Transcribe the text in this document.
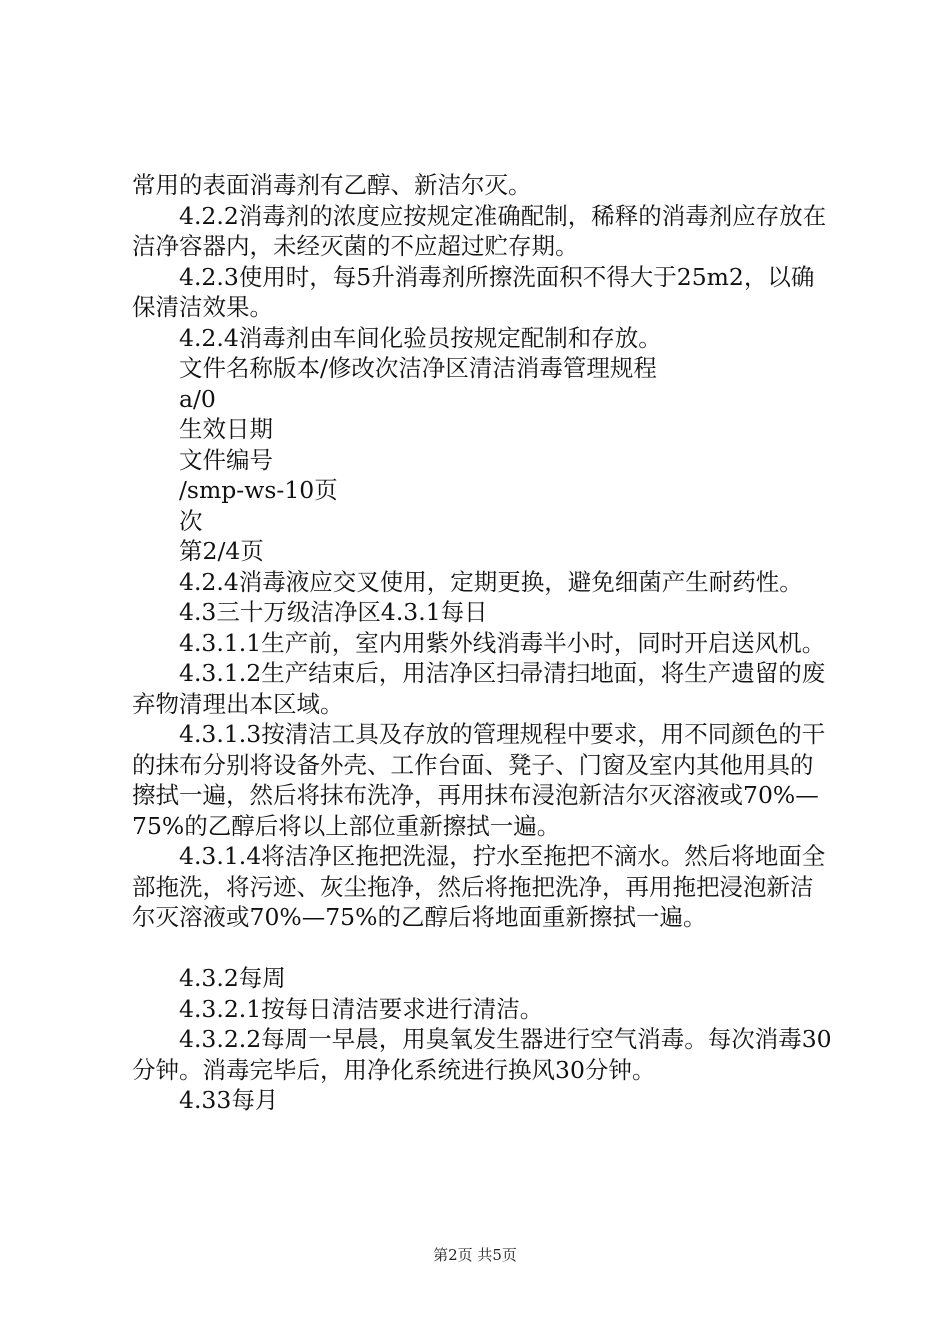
常用的表面消毒剂有乙醇、新洁尔灭。

4.2.2消毒剂的浓度应按规定准确配制，稀释的消毒剂应存放在洁净容器内，未经灭菌的不应超过贮存期。

4.2.3使用时，每5升消毒剂所擦洗面积不得大于25m2，以确保清洁效果。

4.2.4消毒剂由车间化验员按规定配制和存放。

文件名称版本/修改次洁净区清洁消毒管理规程

a/0

生效日期

文件编号

/smp-ws-10页

次

第2/4页

4.2.4消毒液应交叉使用，定期更换，避免细菌产生耐药性。

4.3三十万级洁净区4.3.1每日

4.3.1.1生产前，室内用紫外线消毒半小时，同时开启送风机。

4.3.1.2生产结束后，用洁净区扫帚清扫地面，将生产遗留的废弃物清理出本区域。

4.3.1.3按清洁工具及存放的管理规程中要求，用不同颜色的干的抹布分别将设备外壳、工作台面、凳子、门窗及室内其他用具的擦拭一遍，然后将抹布洗净，再用抹布浸泡新洁尔灭溶液或70%—75%的乙醇后将以上部位重新擦拭一遍。

4.3.1.4将洁净区拖把洗湿，拧水至拖把不滴水。然后将地面全部拖洗，将污迹、灰尘拖净，然后将拖把洗净，再用拖把浸泡新洁尔灭溶液或70%—75%的乙醇后将地面重新擦拭一遍。

4.3.2每周

4.3.2.1按每日清洁要求进行清洁。

4.3.2.2每周一早晨，用臭氧发生器进行空气消毒。每次消毒30分钟。消毒完毕后，用净化系统进行换风30分钟。

4.33每月

第2页 共5页
